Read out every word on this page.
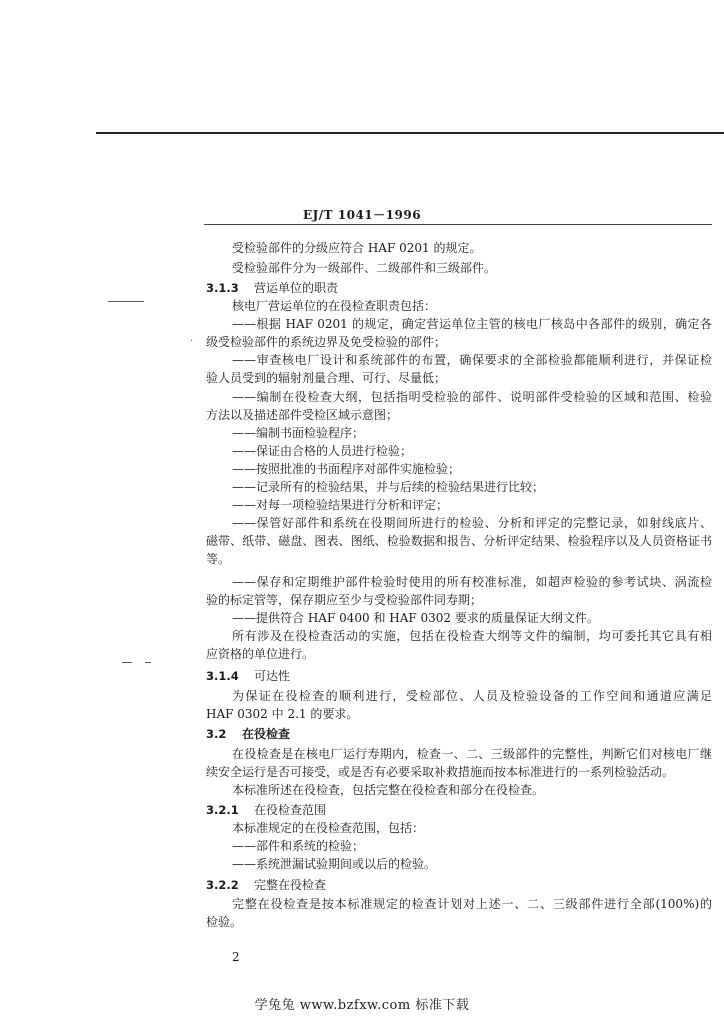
EJ/T 1041－1996
·
受检验部件的分级应符合 HAF 0201 的规定。
受检验部件分为一级部件、二级部件和三级部件。
3.1.3 营运单位的职责
核电厂营运单位的在役检查职责包括：
——根据 HAF 0201 的规定，确定营运单位主管的核电厂核岛中各部件的级别，确定各
级受检验部件的系统边界及免受检验的部件；
——审查核电厂设计和系统部件的布置，确保要求的全部检验都能顺利进行，并保证检
验人员受到的辐射剂量合理、可行、尽量低；
——编制在役检查大纲，包括指明受检验的部件、说明部件受检验的区域和范围、检验
方法以及描述部件受检区域示意图；
——编制书面检验程序；
——保证由合格的人员进行检验；
——按照批准的书面程序对部件实施检验；
——记录所有的检验结果，并与后续的检验结果进行比较；
——对每一项检验结果进行分析和评定；
——保管好部件和系统在役期间所进行的检验、分析和评定的完整记录，如射线底片、
磁带、纸带、磁盘、图表、图纸、检验数据和报告、分析评定结果、检验程序以及人员资格证书
等。
——保存和定期维护部件检验时使用的所有校准标准，如超声检验的参考试块、涡流检
验的标定管等，保存期应至少与受检验部件同寿期；
——提供符合 HAF 0400 和 HAF 0302 要求的质量保证大纲文件。
所有涉及在役检查活动的实施，包括在役检查大纲等文件的编制，均可委托其它具有相
应资格的单位进行。
3.1.4 可达性
为保证在役检查的顺利进行，受检部位、人员及检验设备的工作空间和通道应满足
HAF 0302 中 2.1 的要求。
3.2 在役检查
在役检查是在核电厂运行寿期内，检查一、二、三级部件的完整性，判断它们对核电厂继
续安全运行是否可接受，或是否有必要采取补救措施而按本标准进行的一系列检验活动。
本标准所述在役检查，包括完整在役检查和部分在役检查。
3.2.1 在役检查范围
本标准规定的在役检查范围，包括：
——部件和系统的检验；
——系统泄漏试验期间或以后的检验。
3.2.2 完整在役检查
完整在役检查是按本标准规定的检查计划对上述一、二、三级部件进行全部(100%)的
检验。
2
学兔兔 www.bzfxw.com 标准下载
